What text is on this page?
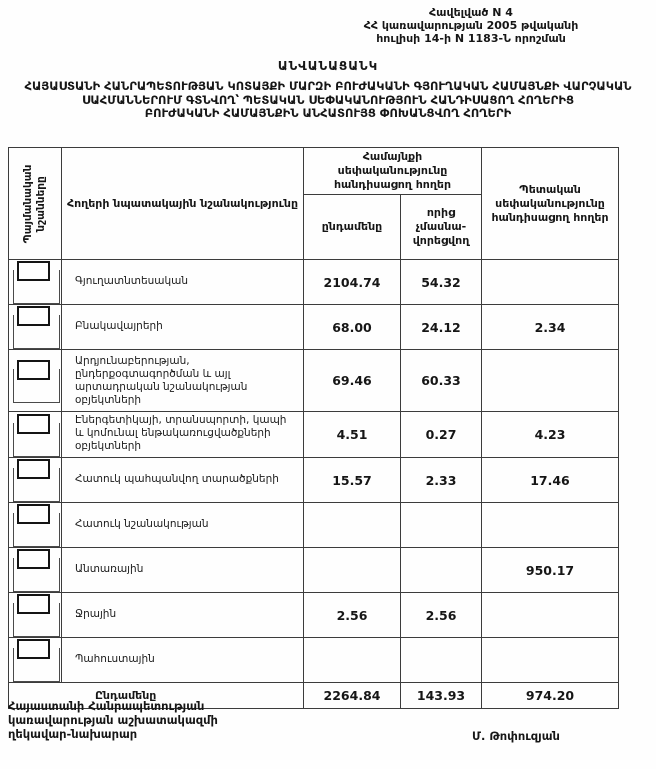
Հավելված N 4
ՀՀ կառավարության 2005 թվականի
հուլիսի 14-ի N 1183-Ն որոշման
ԱՆՎԱՆԱՑԱՆԿ
ՀԱՅԱՍՏԱՆԻ ՀԱՆՐԱՊԵՏՈՒԹՅԱՆ ԿՈՏԱՅՔԻ ՄԱՐԶԻ ԲՈՒԺԱԿԱՆԻ ԳՅՈՒՂԱԿԱՆ ՀԱՄԱՅՆՔԻ ՎԱՐՉԱԿԱՆ
ՍԱՀՄԱՆՆԵՐՈՒՄ ԳՏՆՎՈՂ՝ ՊԵՏԱԿԱՆ ՍԵՓԱԿԱՆՈՒԹՅՈՒՆ ՀԱՆԴԻՍԱՑՈՂ ՀՈՂԵՐԻՑ
ԲՈՒԺԱԿԱՆԻ ՀԱՄԱՅՆՔԻՆ ԱՆՀԱՏՈՒՅՑ ՓՈԽԱՆՑՎՈՂ ՀՈՂԵՐԻ
Պայմանական նշանները	Հողերի նպատակային նշանակությունը	Համայնքի սեփականությունը հանդիսացող հողեր		Պետական սեփականությունը հանդիսացող հողեր
		ընդամենը	որից չմասնա-վորեցվող	

	Գյուղատնտեսական	2104.74	54.32	

	Բնակավայրերի	68.00	24.12	2.34

	Արդյունաբերության, ընդերքօգտագործման և այլ արտադրական նշանակության օբյեկտների	69.46	60.33	

	Էներգետիկայի, տրանսպորտի, կապի և կոմունալ ենթակառուցվածքների օբյեկտների	4.51	0.27	4.23

	Հատուկ պահպանվող տարածքների	15.57	2.33	17.46

	Հատուկ նշանակության			

	Անտառային			950.17

	Ջրային	2.56	2.56	

	Պահուստային			
Ընդամենը		2264.84	143.93	974.20
Հայաստանի Հանրապետության
կառավարության աշխատակազմի
ղեկավար-նախարար	Մ. Թոփուզյան
